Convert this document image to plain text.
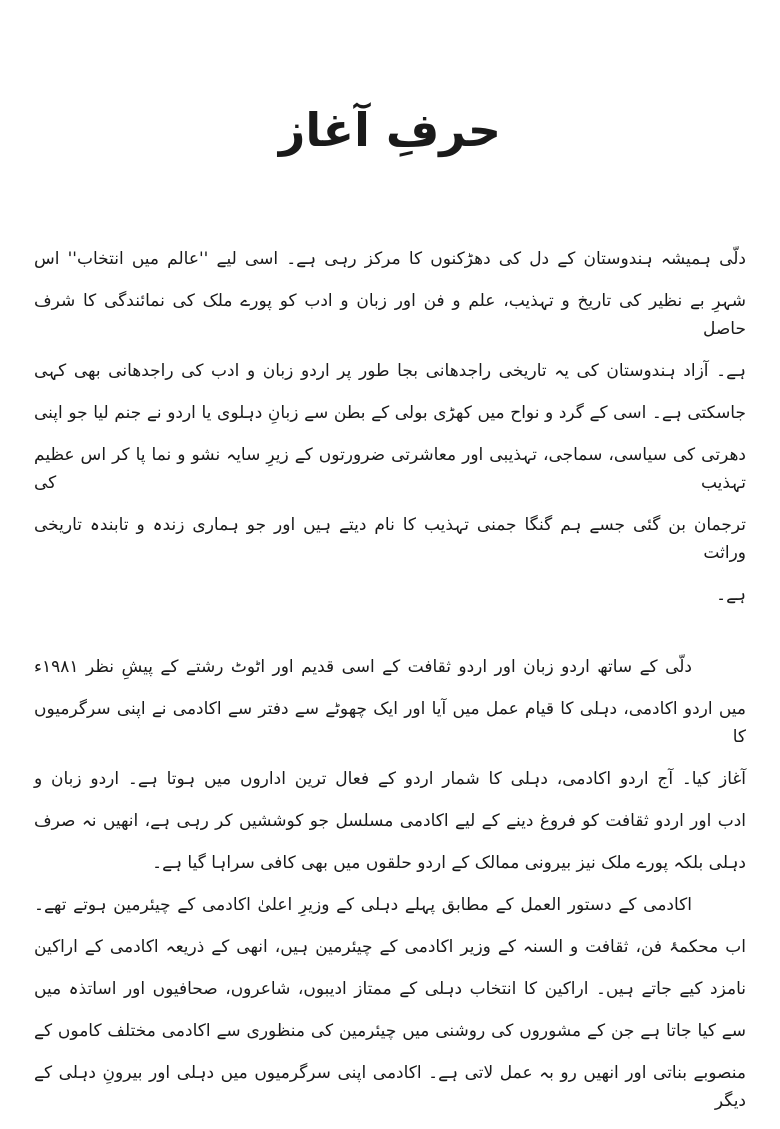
حرفِ آغاز
دلّی ہمیشہ ہندوستان کے دل کی دھڑکنوں کا مرکز رہی ہے۔ اسی لیے ''عالم میں انتخاب'' اس
شہرِ بے نظیر کی تاریخ و تہذیب، علم و فن اور زبان و ادب کو پورے ملک کی نمائندگی کا شرف حاصل
ہے۔ آزاد ہندوستان کی یہ تاریخی راجدھانی بجا طور پر اردو زبان و ادب کی راجدھانی بھی کہی
جاسکتی ہے۔ اسی کے گرد و نواح میں کھڑی بولی کے بطن سے زبانِ دہلوی یا اردو نے جنم لیا جو اپنی
دھرتی کی سیاسی، سماجی، تہذیبی اور معاشرتی ضرورتوں کے زیرِ سایہ نشو و نما پا کر اس عظیم تہذیب کی
ترجمان بن گئی جسے ہم گنگا جمنی تہذیب کا نام دیتے ہیں اور جو ہماری زندہ و تابندہ تاریخی وراثت
ہے۔
دلّی کے ساتھ اردو زبان اور اردو ثقافت کے اسی قدیم اور اٹوٹ رشتے کے پیشِ نظر ۱۹۸۱ء
میں اردو اکادمی، دہلی کا قیام عمل میں آیا اور ایک چھوٹے سے دفتر سے اکادمی نے اپنی سرگرمیوں کا
آغاز کیا۔ آج اردو اکادمی، دہلی کا شمار اردو کے فعال ترین اداروں میں ہوتا ہے۔ اردو زبان و
ادب اور اردو ثقافت کو فروغ دینے کے لیے اکادمی مسلسل جو کوششیں کر رہی ہے، انھیں نہ صرف
دہلی بلکہ پورے ملک نیز بیرونی ممالک کے اردو حلقوں میں بھی کافی سراہا گیا ہے۔
اکادمی کے دستور العمل کے مطابق پہلے دہلی کے وزیرِ اعلیٰ اکادمی کے چیئرمین ہوتے تھے۔
اب محکمۂ فن، ثقافت و السنہ کے وزیر اکادمی کے چیئرمین ہیں، انھی کے ذریعہ اکادمی کے اراکین
نامزد کیے جاتے ہیں۔ اراکین کا انتخاب دہلی کے ممتاز ادیبوں، شاعروں، صحافیوں اور اساتذہ میں
سے کیا جاتا ہے جن کے مشوروں کی روشنی میں چیئرمین کی منظوری سے اکادمی مختلف کاموں کے
منصوبے بناتی اور انھیں رو بہ عمل لاتی ہے۔ اکادمی اپنی سرگرمیوں میں دہلی اور بیرونِ دہلی کے دیگر
